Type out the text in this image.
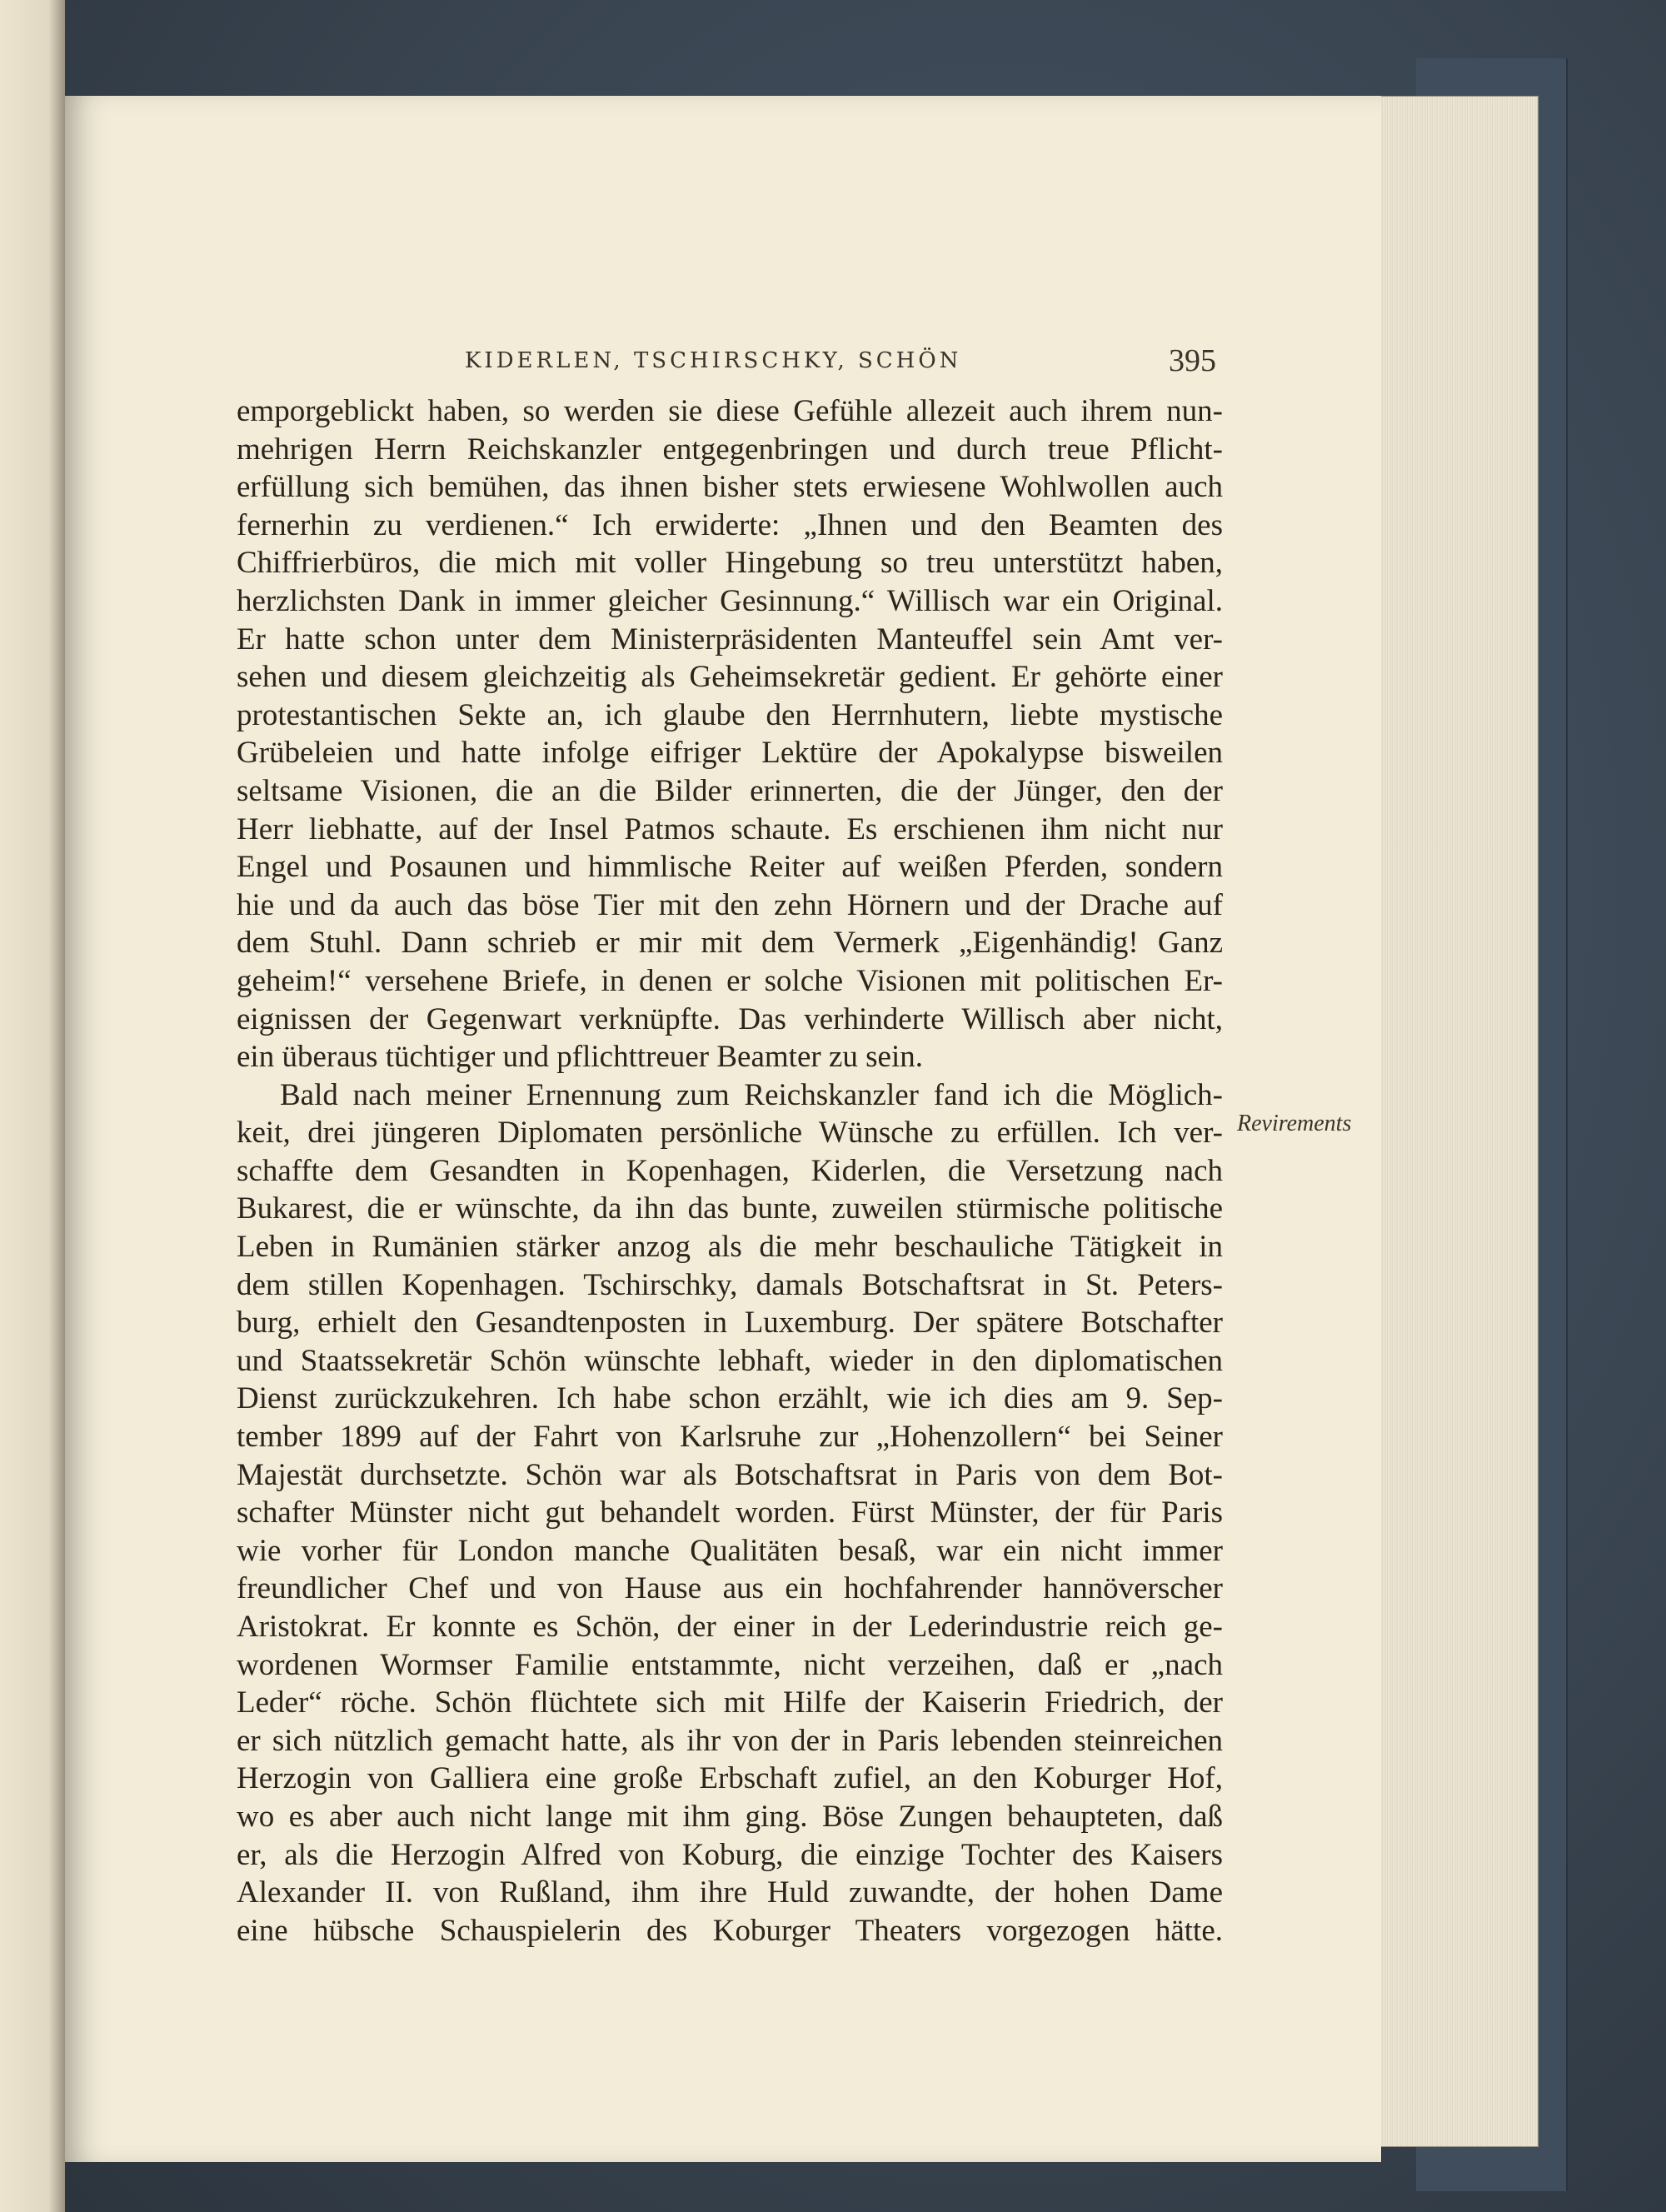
KIDERLEN, TSCHIRSCHKY, SCHÖN	395
emporgeblickt haben, so werden sie diese Gefühle allezeit auch ihrem nun-
mehrigen Herrn Reichskanzler entgegenbringen und durch treue Pflicht-
erfüllung sich bemühen, das ihnen bisher stets erwiesene Wohlwollen auch
fernerhin zu verdienen.“ Ich erwiderte: „Ihnen und den Beamten des
Chiffrierbüros, die mich mit voller Hingebung so treu unterstützt haben,
herzlichsten Dank in immer gleicher Gesinnung.“ Willisch war ein Original.
Er hatte schon unter dem Ministerpräsidenten Manteuffel sein Amt ver-
sehen und diesem gleichzeitig als Geheimsekretär gedient. Er gehörte einer
protestantischen Sekte an, ich glaube den Herrnhutern, liebte mystische
Grübeleien und hatte infolge eifriger Lektüre der Apokalypse bisweilen
seltsame Visionen, die an die Bilder erinnerten, die der Jünger, den der
Herr liebhatte, auf der Insel Patmos schaute. Es erschienen ihm nicht nur
Engel und Posaunen und himmlische Reiter auf weißen Pferden, sondern
hie und da auch das böse Tier mit den zehn Hörnern und der Drache auf
dem Stuhl. Dann schrieb er mir mit dem Vermerk „Eigenhändig! Ganz
geheim!“ versehene Briefe, in denen er solche Visionen mit politischen Er-
eignissen der Gegenwart verknüpfte. Das verhinderte Willisch aber nicht,
ein überaus tüchtiger und pflichttreuer Beamter zu sein.
Bald nach meiner Ernennung zum Reichskanzler fand ich die Möglich-
keit, drei jüngeren Diplomaten persönliche Wünsche zu erfüllen. Ich ver-
schaffte dem Gesandten in Kopenhagen, Kiderlen, die Versetzung nach
Bukarest, die er wünschte, da ihn das bunte, zuweilen stürmische politische
Leben in Rumänien stärker anzog als die mehr beschauliche Tätigkeit in
dem stillen Kopenhagen. Tschirschky, damals Botschaftsrat in St. Peters-
burg, erhielt den Gesandtenposten in Luxemburg. Der spätere Botschafter
und Staatssekretär Schön wünschte lebhaft, wieder in den diplomatischen
Dienst zurückzukehren. Ich habe schon erzählt, wie ich dies am 9. Sep-
tember 1899 auf der Fahrt von Karlsruhe zur „Hohenzollern“ bei Seiner
Majestät durchsetzte. Schön war als Botschaftsrat in Paris von dem Bot-
schafter Münster nicht gut behandelt worden. Fürst Münster, der für Paris
wie vorher für London manche Qualitäten besaß, war ein nicht immer
freundlicher Chef und von Hause aus ein hochfahrender hannöverscher
Aristokrat. Er konnte es Schön, der einer in der Lederindustrie reich ge-
wordenen Wormser Familie entstammte, nicht verzeihen, daß er „nach
Leder“ röche. Schön flüchtete sich mit Hilfe der Kaiserin Friedrich, der
er sich nützlich gemacht hatte, als ihr von der in Paris lebenden steinreichen
Herzogin von Galliera eine große Erbschaft zufiel, an den Koburger Hof,
wo es aber auch nicht lange mit ihm ging. Böse Zungen behaupteten, daß
er, als die Herzogin Alfred von Koburg, die einzige Tochter des Kaisers
Alexander II. von Rußland, ihm ihre Huld zuwandte, der hohen Dame
eine hübsche Schauspielerin des Koburger Theaters vorgezogen hätte.
Revirements
